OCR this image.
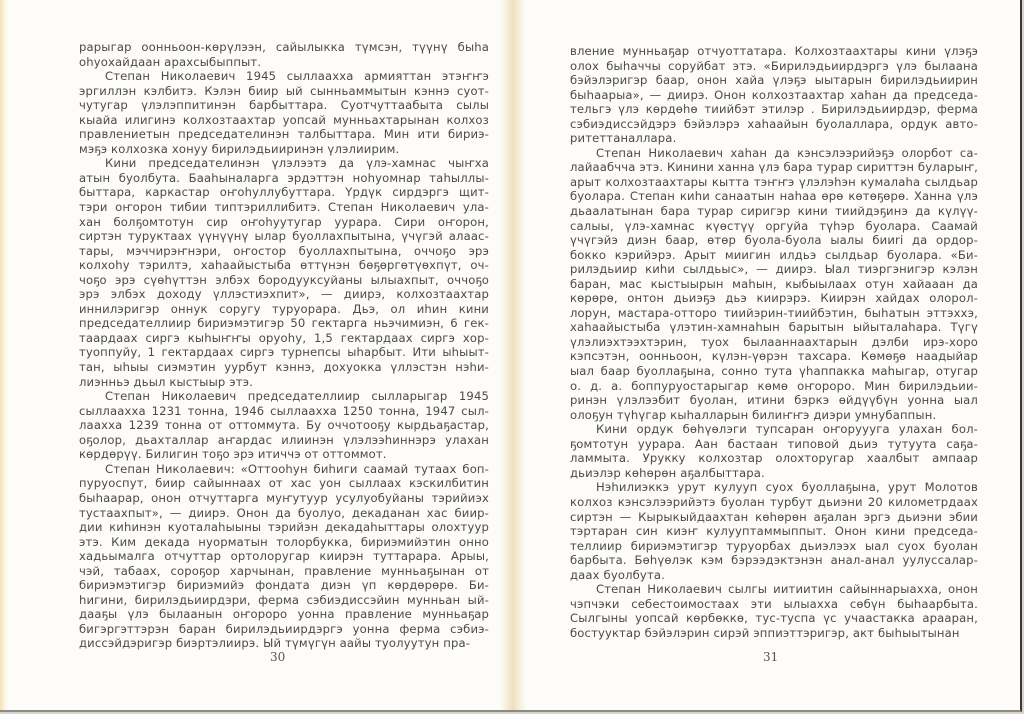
рарыгар оонньоон-көрүлээн, сайылыкка түмсэн, түүнү быһа
оһуохайдаан арахсыбыппыт.
Степан Николаевич 1945 сыллаахха армияттан этэҥҥэ
эргиллэн кэлбитэ. Кэлэн биир ый сынньаммытын кэннэ суот-
чутугар үлэлэппитинэн барбыттара. Суотчуттаабыта сылы
кыайа илигинэ колхозтаахтар уопсай мунньахтарынан колхоз
правлениетын председателинэн талбыттара. Мин ити бириэ-
мэҕэ колхозка хонуу бирилэдьииринэн үлэлиирим.
Кини председателинэн үлэлээтэ да үлэ-хамнас чыҥха
атын буолбута. Бааһыналарга эрдэттэн ноһуомнар таһыллы-
быттара, каркастар оҥоһуллубуттара. Үрдүк сирдэргэ щит-
тэри оҥорон тибии типтэриллибитэ. Степан Николаевич ула-
хан болҕомтотун сир оҥоһуутугар уурара. Сири оҥорон,
сиртэн туруктаах үүнүүнү ылар буоллахпытына, үчүгэй алаас-
тары, мэччирэҥнэри, оҥостор буоллахпытына, оччоҕо эрэ
колхоһу тэрилтэ, хаһаайыстыба өттүнэн бөҕөргөтүөхпүт, оч-
чоҕо эрэ сүөһүттэн элбэх бородууксуйаны ылыахпыт, оччоҕо
эрэ элбэх доходу үллэстиэхпит», — диирэ, колхозтаахтар
иннилэригэр оннук соругу туруорара. Дьэ, ол иһин кини
председателлиир бириэмэтигэр 50 гектарга ньэчимиэн, 6 гек-
таардаах сиргэ кыһыҥҥы оруоһу, 1,5 гектардаах сиргэ хор-
туоппуйу, 1 гектардаах сиргэ турнепсы ыһарбыт. Ити ыһыыт-
тан, ыһыы сиэмэтин уурбут кэннэ, дохуокка үллэстэн нэһи-
лиэнньэ дьыл кыстыыр этэ.
Степан Николаевич председателлиир сылларыгар 1945
сыллаахха 1231 тонна, 1946 сыллаахха 1250 тонна, 1947 сыл-
лаахха 1239 тонна от оттоммута. Бу оччотооҕу кырдьаҕастар,
оҕолор, дьахталлар аҥардас илиинэн үлэлээһиннэрэ улахан
көрдөрүү. Билигин тоҕо эрэ итиччэ от оттоммот.
Степан Николаевич: «Оттооһун биһиги саамай тутаах боп-
пуруоспут, биир сайыннаах от хас уон сыллаах кэскилбитин
быһаарар, онон отчуттарга муҥутуур усулуобуйаны тэрийиэх
тустаахпыт», — диирэ. Онон да буолуо, декаданан хас биир-
дии киһинэн куоталаһыыны тэрийэн декадаһыттары олохтуур
этэ. Ким декада нуорматын толорбукка, бириэмийэтин онно
хадьымалга отчуттар ортолоругар киирэн туттарара. Арыы,
чэй, табаах, сороҕор харчынан, правление мунньаҕынан от
бириэмэтигэр бириэмийэ фондата диэн үп көрдөрөрө. Би-
һигини, бирилэдьиирдэри, ферма сэбиэдиссэйин мунньан ый-
дааҕы үлэ былаанын оҥороро уонна правление мунньаҕар
бигэргэттэрэн баран бирилэдьиирдэргэ уонна ферма сэбиэ-
диссэйдэригэр биэртэлиирэ. Ый түмүгүн аайы туолуутун пра-
30
вление мунньаҕар отчуоттатара. Колхозтаахтары кини үлэҕэ
олох быһаччы соруйбат этэ. «Бирилэдьиирдэргэ үлэ былаана
бэйэлэригэр баар, онон хайа үлэҕэ ыытарын бирилэдьиирин
быһаарыа», — диирэ. Онон колхозтаахтар хаһан да председа-
тельгэ үлэ көрдөһө тиийбэт этилэр . Бирилэдьиирдэр, ферма
сэбиэдиссэйдэрэ бэйэлэрэ хаһаайын буолаллара, ордук авто-
ритеттаналлара.
Степан Николаевич хаһан да кэнсэлээрийэҕэ олорбот са-
лайаабчча этэ. Кинини ханна үлэ бара турар сириттэн буларыҥ,
арыт колхозтаахтары кытта тэҥҥэ үлэлэһэн кумалаһа сылдьар
буолара. Степан киһи санаатын наһаа өрө көтөҕөрө. Ханна үлэ
дьаалатынан бара турар сиригэр кини тиийдэҕинэ да күлүү-
салыы, үлэ-хамнас күөстүү оргуйа түһэр буолара. Саамай
үчүгэйэ диэн баар, өтөр буола-буола ыалы бииri да ордор-
бокко кэрийэрэ. Арыт миигин илдьэ сылдьар буолара. «Би-
рилэдьиир киһи сылдьыс», — диирэ. Ыал тиэргэнигэр кэлэн
баран, мас кыстыырын маһын, кыбыылаах отун хайааан да
көрөрө, онтон дьиэҕэ дьэ киирэрэ. Киирэн хайдах олорол-
лорун, мастара-отторо тиийэрин-тиийбэтин, быһатын эттэххэ,
хаһаайыстыба үлэтин-хамнаһын барытын ыйыталаһара. Түгү
үлэлиэхтээхтэрин, туох былааннаахтарын дэлби ирэ-хоро
кэпсэтэн, оонньоон, күлэн-үөрэн тахсара. Көмөҕө наадыйар
ыал баар буоллаҕына, сонно тута үһаппакка маһыгар, отугар
о. д. а. боппуруостарыгар көмө оҥороро. Мин бирилэдьии-
ринэн үлэлээбит буолан, итини бэркэ өйдүүбүн уонна ыал
олоҕун түһүгар кыһалларын билиҥҥэ диэри умнубаппын.
Кини ордук бөһүөлэги тупсаран оҥоруууга улахан бол-
ҕомтотун уурара. Аан бастаан типовой дьиэ тутуута саҕа-
ламмыта. Урукку колхозтар олохторугар хаалбыт ампаар
дьиэлэр көһөрөн аҕалбыттара.
Нэһилиэккэ урут кулууп суох буоллаҕына, урут Молотов
колхоз кэнсэлээрийэтэ буолан турбут дьиэни 20 километрдаах
сиртэн — Кырыкыйдаахтан көһөрөн аҕалан эргэ дьиэни эбии
тэртаран син киэҥ кулууптаммыппыт. Онон кини председа-
теллиир бириэмэтигэр туруорбах дьиэлээх ыал суох буолан
барбыта. Бөһүөлэк кэм бэрээдэктэнэн анал-анал уулуссалар-
даах буолбута.
Степан Николаевич сылгы иитиитин сайыннарыахха, онон
чэпчэки себестоимостаах эти ылыахха сөбүн быһаарбыта.
Сылгыны уопсай көрбөккө, тус-туспа үс учаастакка араaран,
бостууктар бэйэлэрин сирэй эппиэттэригэр, акт быһыытынан
31
